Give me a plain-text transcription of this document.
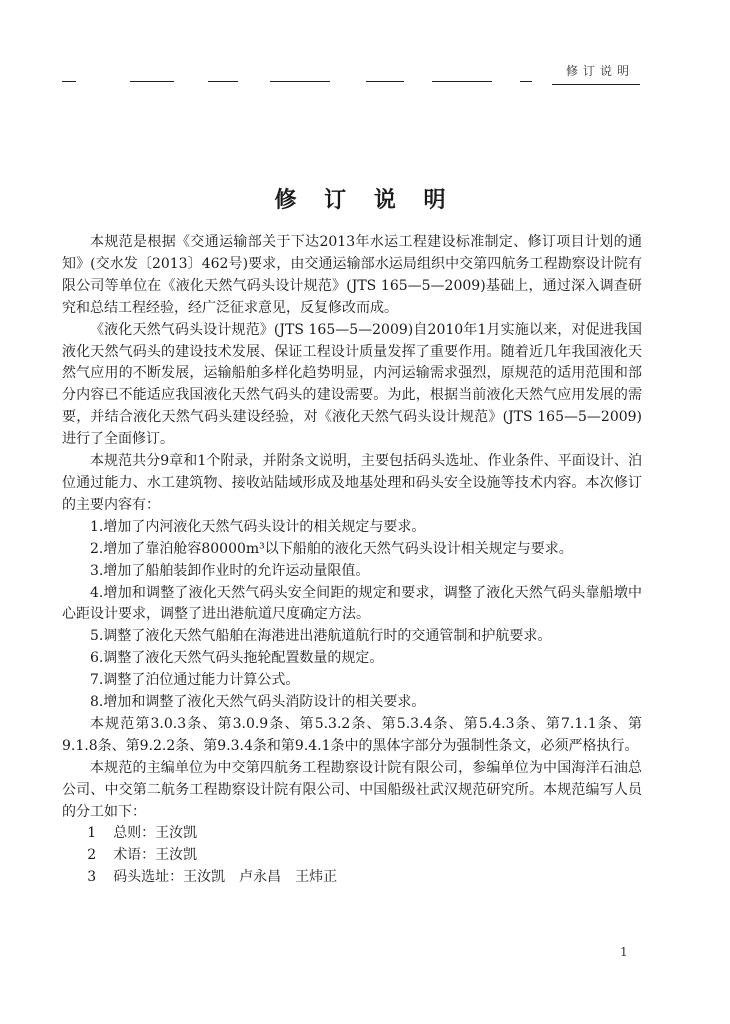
修订说明
修 订 说 明

本规范是根据《交通运输部关于下达2013年水运工程建设标准制定、修订项目计划的通知》(交水发〔2013〕462号)要求，由交通运输部水运局组织中交第四航务工程勘察设计院有限公司等单位在《液化天然气码头设计规范》(JTS 165—5—2009)基础上，通过深入调查研究和总结工程经验，经广泛征求意见，反复修改而成。

《液化天然气码头设计规范》(JTS 165—5—2009)自2010年1月实施以来，对促进我国液化天然气码头的建设技术发展、保证工程设计质量发挥了重要作用。随着近几年我国液化天然气应用的不断发展，运输船舶多样化趋势明显，内河运输需求强烈，原规范的适用范围和部分内容已不能适应我国液化天然气码头的建设需要。为此，根据当前液化天然气应用发展的需要，并结合液化天然气码头建设经验，对《液化天然气码头设计规范》(JTS 165—5—2009)进行了全面修订。

本规范共分9章和1个附录，并附条文说明，主要包括码头选址、作业条件、平面设计、泊位通过能力、水工建筑物、接收站陆域形成及地基处理和码头安全设施等技术内容。本次修订的主要内容有：

1.增加了内河液化天然气码头设计的相关规定与要求。

2.增加了靠泊舱容80000m³以下船舶的液化天然气码头设计相关规定与要求。

3.增加了船舶装卸作业时的允许运动量限值。

4.增加和调整了液化天然气码头安全间距的规定和要求，调整了液化天然气码头靠船墩中心距设计要求，调整了进出港航道尺度确定方法。

5.调整了液化天然气船舶在海港进出港航道航行时的交通管制和护航要求。

6.调整了液化天然气码头拖轮配置数量的规定。

7.调整了泊位通过能力计算公式。

8.增加和调整了液化天然气码头消防设计的相关要求。

本规范第3.0.3条、第3.0.9条、第5.3.2条、第5.3.4条、第5.4.3条、第7.1.1条、第9.1.8条、第9.2.2条、第9.3.4条和第9.4.1条中的黑体字部分为强制性条文，必须严格执行。

本规范的主编单位为中交第四航务工程勘察设计院有限公司，参编单位为中国海洋石油总公司、中交第二航务工程勘察设计院有限公司、中国船级社武汉规范研究所。本规范编写人员的分工如下：

1 总则：王汝凯

2 术语：王汝凯

3 码头选址：王汝凯　卢永昌　王炜正

1
